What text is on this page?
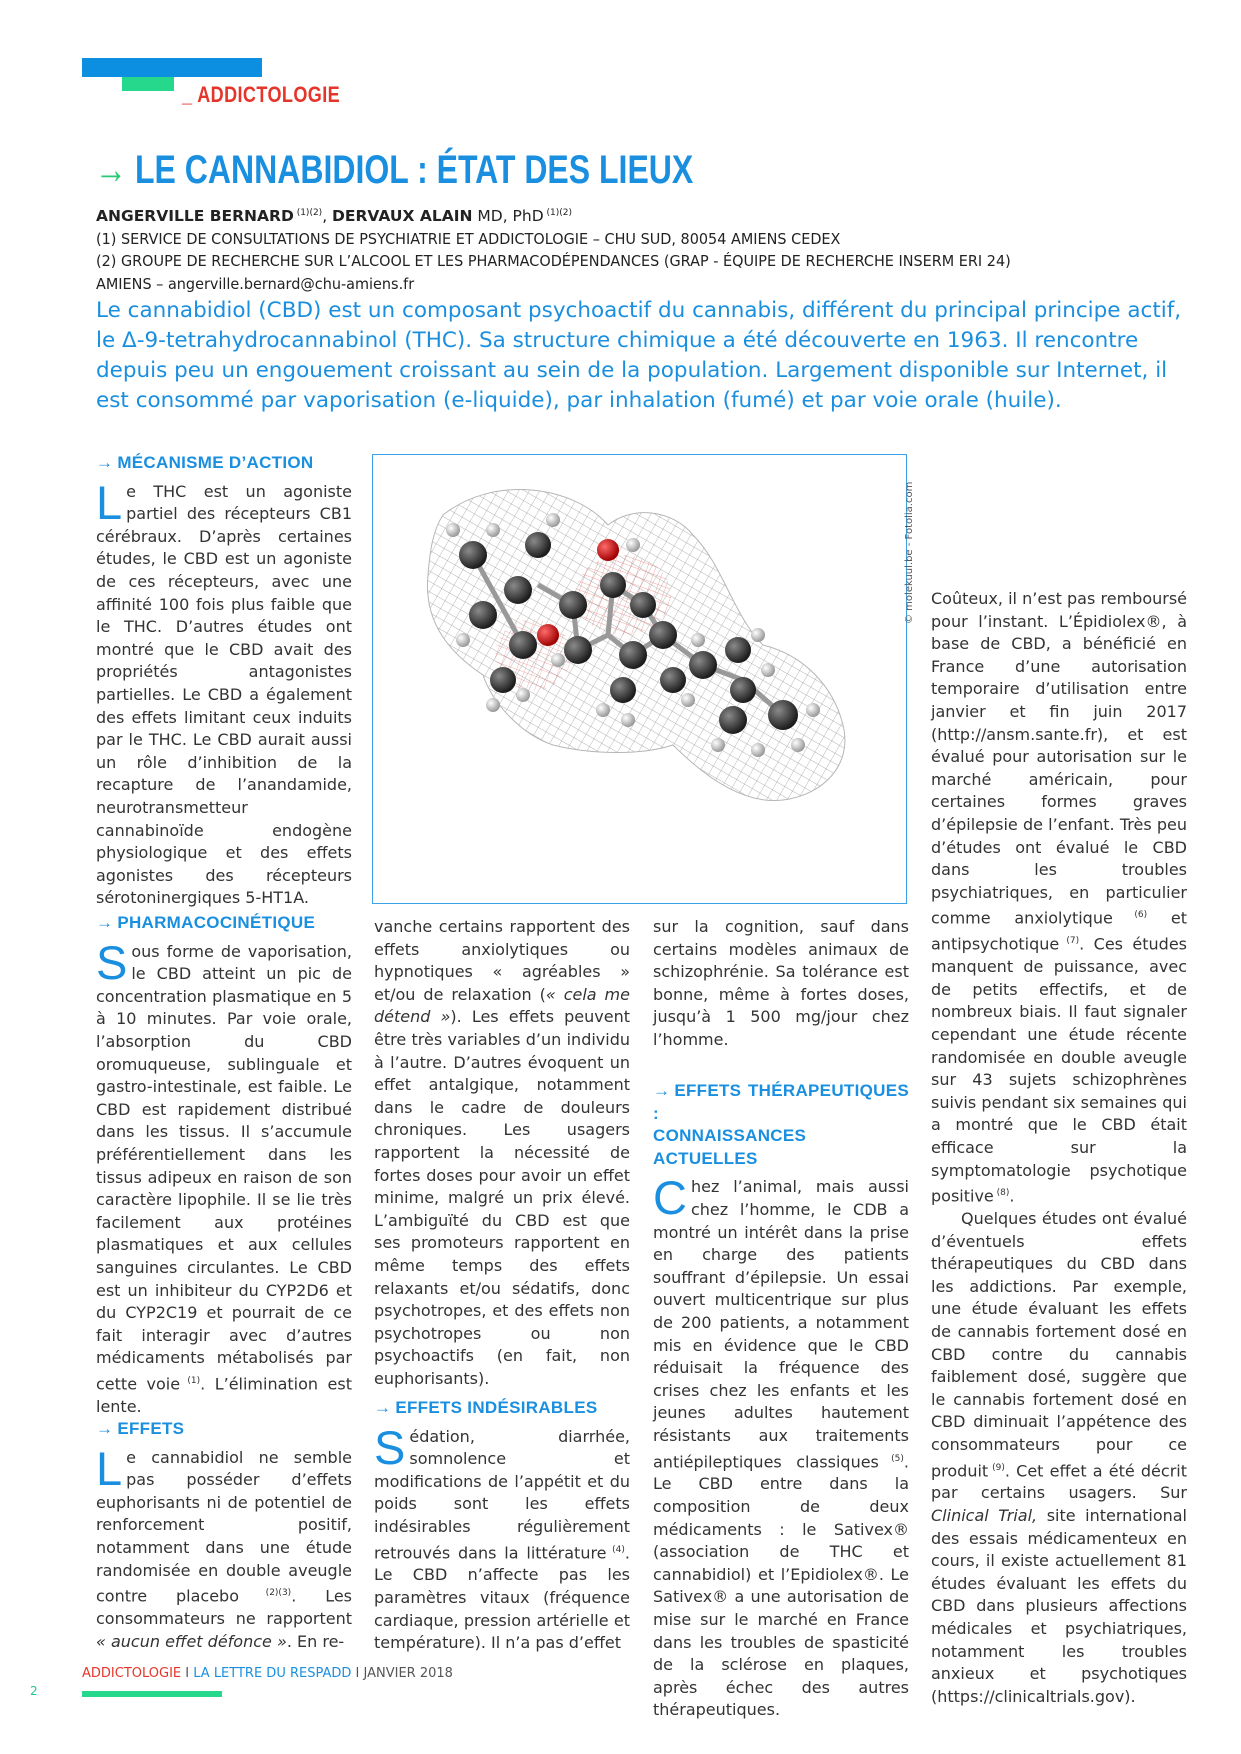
_ ADDICTOLOGIE
→ LE CANNABIDIOL : ÉTAT DES LIEUX
ANGERVILLE BERNARD $^{(1)(2)}$, DERVAUX ALAIN MD, PhD $^{(1)(2)}$
(1) SERVICE DE CONSULTATIONS DE PSYCHIATRIE ET ADDICTOLOGIE – CHU SUD, 80054 AMIENS CEDEX
(2) GROUPE DE RECHERCHE SUR L’ALCOOL ET LES PHARMACODÉPENDANCES (GRAP - ÉQUIPE DE RECHERCHE INSERM ERI 24)
AMIENS – angerville.bernard@chu-amiens.fr
Le cannabidiol (CBD) est un composant psychoactif du cannabis, différent du principal principe actif, le Δ-9-tetrahydrocannabinol (THC). Sa structure chimique a été découverte en 1963. Il rencontre depuis peu un engouement croissant au sein de la population. Largement disponible sur Internet, il est consommé par vaporisation (e-liquide), par inhalation (fumé) et par voie orale (huile).
→ MÉCANISME D’ACTION

Le THC est un agoniste partiel des récepteurs CB1 cérébraux. D’après certaines études, le CBD est un agoniste de ces récepteurs, avec une affinité 100 fois plus faible que le THC. D’autres études ont montré que le CBD avait des propriétés antagonistes partielles. Le CBD a également des effets limitant ceux induits par le THC. Le CBD aurait aussi un rôle d’inhibition de la recapture de l’anandamide, neurotransmetteur cannabinoïde endogène physiologique et des effets agonistes des récepteurs sérotoninergiques 5-HT1A.

→ PHARMACOCINÉTIQUE

Sous forme de vaporisation, le CBD atteint un pic de concentration plasmatique en 5 à 10 minutes. Par voie orale, l’absorption du CBD oromuqueuse, sublinguale et gastro-intestinale, est faible. Le CBD est rapidement distribué dans les tissus. Il s’accumule préférentiellement dans les tissus adipeux en raison de son caractère lipophile. Il se lie très facilement aux protéines plasmatiques et aux cellules sanguines circulantes. Le CBD est un inhibiteur du CYP2D6 et du CYP2C19 et pourrait de ce fait interagir avec d’autres médicaments métabolisés par cette voie $^{(1)}$. L’élimination est lente.

→ EFFETS

Le cannabidiol ne semble pas posséder d’effets euphorisants ni de potentiel de renforcement positif, notamment dans une étude randomisée en double aveugle contre placebo $^{(2)(3)}$. Les consommateurs ne rapportent « aucun effet défonce ». En re-

© molekuul.be - Fotolia.com

vanche certains rapportent des effets anxiolytiques ou hypnotiques « agréables » et/ou de relaxation (« cela me détend »). Les effets peuvent être très variables d’un individu à l’autre. D’autres évoquent un effet antalgique, notamment dans le cadre de douleurs chroniques. Les usagers rapportent la nécessité de fortes doses pour avoir un effet minime, malgré un prix élevé. L’ambiguïté du CBD est que ses promoteurs rapportent en même temps des effets relaxants et/ou sédatifs, donc psychotropes, et des effets non psychotropes ou non psychoactifs (en fait, non euphorisants).

→ EFFETS INDÉSIRABLES

Sédation, diarrhée, somnolence et modifications de l’appétit et du poids sont les effets indésirables régulièrement retrouvés dans la littérature $^{(4)}$. Le CBD n’affecte pas les paramètres vitaux (fréquence cardiaque, pression artérielle et température). Il n’a pas d’effet

sur la cognition, sauf dans certains modèles animaux de schizophrénie. Sa tolérance est bonne, même à fortes doses, jusqu’à 1 500 mg/jour chez l’homme.

→ EFFETS THÉRAPEUTIQUES :
CONNAISSANCES ACTUELLES

Chez l’animal, mais aussi chez l’homme, le CDB a montré un intérêt dans la prise en charge des patients souffrant d’épilepsie. Un essai ouvert multicentrique sur plus de 200 patients, a notamment mis en évidence que le CBD réduisait la fréquence des crises chez les enfants et les jeunes adultes hautement résistants aux traitements antiépileptiques classiques $^{(5)}$. Le CBD entre dans la composition de deux médicaments : le Sativex® (association de THC et cannabidiol) et l’Epidiolex®. Le Sativex® a une autorisation de mise sur le marché en France dans les troubles de spasticité de la sclérose en plaques, après échec des autres thérapeutiques.

Coûteux, il n’est pas remboursé pour l’instant. L’Épidiolex®, à base de CBD, a bénéficié en France d’une autorisation temporaire d’utilisation entre janvier et fin juin 2017 (http://ansm.sante.fr), et est évalué pour autorisation sur le marché américain, pour certaines formes graves d’épilepsie de l’enfant. Très peu d’études ont évalué le CBD dans les troubles psychiatriques, en particulier comme anxiolytique $^{(6)}$ et antipsychotique $^{(7)}$. Ces études manquent de puissance, avec de petits effectifs, et de nombreux biais. Il faut signaler cependant une étude récente randomisée en double aveugle sur 43 sujets schizophrènes suivis pendant six semaines qui a montré que le CBD était efficace sur la symptomatologie psychotique positive $^{(8)}$.

Quelques études ont évalué d’éventuels effets thérapeutiques du CBD dans les addictions. Par exemple, une étude évaluant les effets de cannabis fortement dosé en CBD contre du cannabis faiblement dosé, suggère que le cannabis fortement dosé en CBD diminuait l’appétence des consommateurs pour ce produit $^{(9)}$. Cet effet a été décrit par certains usagers. Sur Clinical Trial, site international des essais médicamenteux en cours, il existe actuellement 81 études évaluant les effets du CBD dans plusieurs affections médicales et psychiatriques, notamment les troubles anxieux et psychotiques (https://clinicaltrials.gov).

ADDICTOLOGIE I LA LETTRE DU RESPADD I JANVIER 2018
2
